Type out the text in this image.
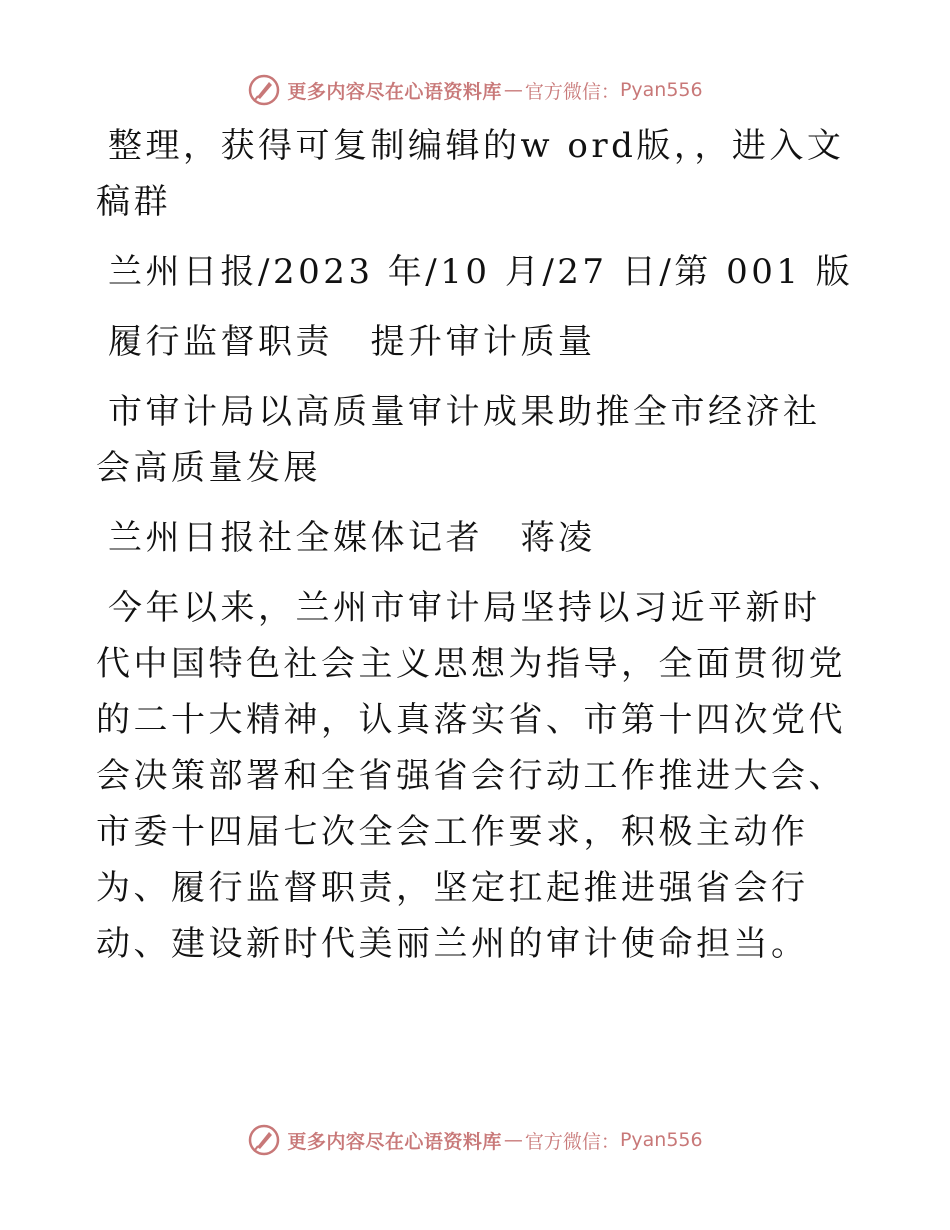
更多内容尽在心语资料库 — 官方微信： Pyan556

整理，获得可复制编辑的w ord版，，进入文稿群

兰州日报/2023 年/10 月/27 日/第 001 版

履行监督职责　提升审计质量

市审计局以高质量审计成果助推全市经济社会高质量发展

兰州日报社全媒体记者　蒋凌

今年以来，兰州市审计局坚持以习近平新时代中国特色社会主义思想为指导，全面贯彻党的二十大精神，认真落实省、市第十四次党代会决策部署和全省强省会行动工作推进大会、市委十四届七次全会工作要求，积极主动作为、履行监督职责，坚定扛起推进强省会行动、建设新时代美丽兰州的审计使命担当。

更多内容尽在心语资料库 — 官方微信： Pyan556
